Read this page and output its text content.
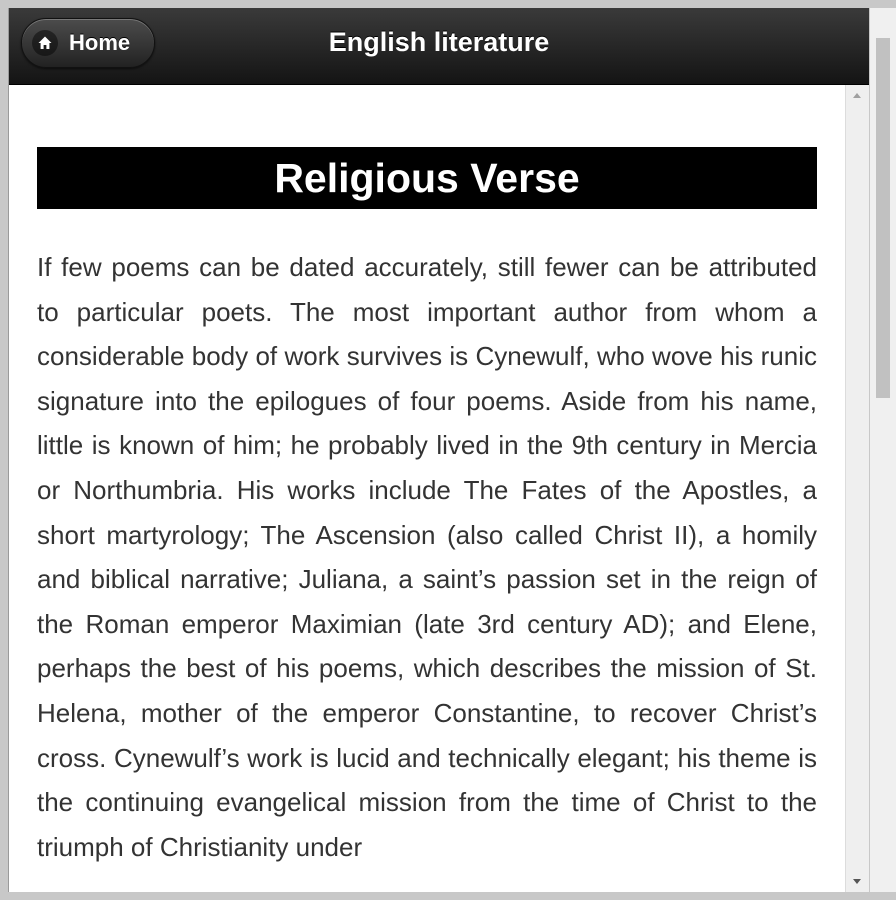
Home	English literature
Religious Verse

If few poems can be dated accurately, still fewer can be attributed to particular poets. The most important author from whom a considerable body of work survives is Cynewulf, who wove his runic signature into the epilogues of four poems. Aside from his name, little is known of him; he probably lived in the 9th century in Mercia or Northumbria. His works include The Fates of the Apostles, a short martyrology; The Ascension (also called Christ II), a homily and biblical narrative; Juliana, a saint’s passion set in the reign of the Roman emperor Maximian (late 3rd century AD); and Elene, perhaps the best of his poems, which describes the mission of St. Helena, mother of the emperor Constantine, to recover Christ’s cross. Cynewulf’s work is lucid and technically elegant; his theme is the continuing evangelical mission from the time of Christ to the triumph of Christianity under
